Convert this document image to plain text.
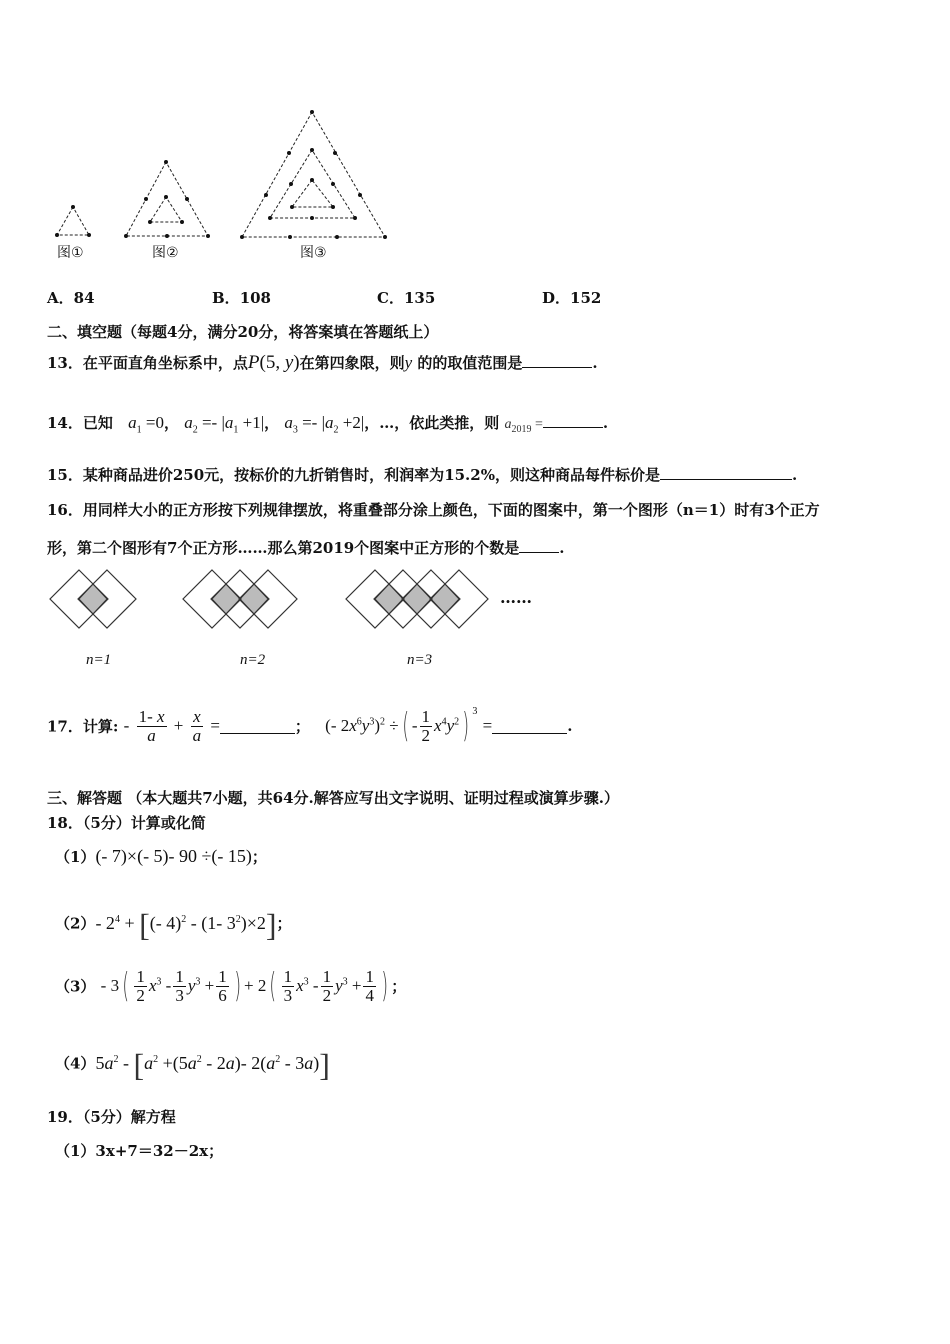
图①	图②	图③
A．84	B．108	C．135	D．152
二、填空题（每题4分，满分20分，将答案填在答题纸上）
13．在平面直角坐标系中，点P(5, y)在第四象限，则y 的的取值范围是	.
14．已知 $a_1 =0$， $a_2 =- |a_1 +1|$， $a_3 =- |a_2 +2|$，…，依此类推，则 $a_{2019}$ =	.
15．某种商品进价250元，按标价的九折销售时，利润率为15.2%，则这种商品每件标价是	.
16．用同样大小的正方形按下列规律摆放，将重叠部分涂上颜色，下面的图案中，第一个图形（n＝1）时有3个正方
形，第二个图形有7个正方形……那么第2019个图案中正方形的个数是	.
……
n=1	n=2	n=3
17．计算: - $\frac{1- x}{a} + \frac{x}{a}$ =	； (- $2x^6y^3)^2$ ÷( - $\frac{1}{2} x^4y^2$) $^3$ =	.
三、解答题 （本大题共7小题，共64分.解答应写出文字说明、证明过程或演算步骤.）
18．（5分）计算或化简
（1）(- 7)×(- 5)- 90 ÷(- 15)；
（2）- $2^4$ + [(- 4)$^2$ - (1- $3^2)\times 2$]；
$(3) - 3( \frac{1}{2} x^3 - \frac{1}{3} y^3 + \frac{1}{6}$ ) + $2( \frac{1}{3} x^3 - \frac{1}{2} y^3 + \frac{1}{4}$ ) ；
$(4)5a^2 - [a^2 +(5a^2 - 2a)-$ $2(a^2 - 3a)$]
19．（5分）解方程
（1）3x+7＝32－2x；
